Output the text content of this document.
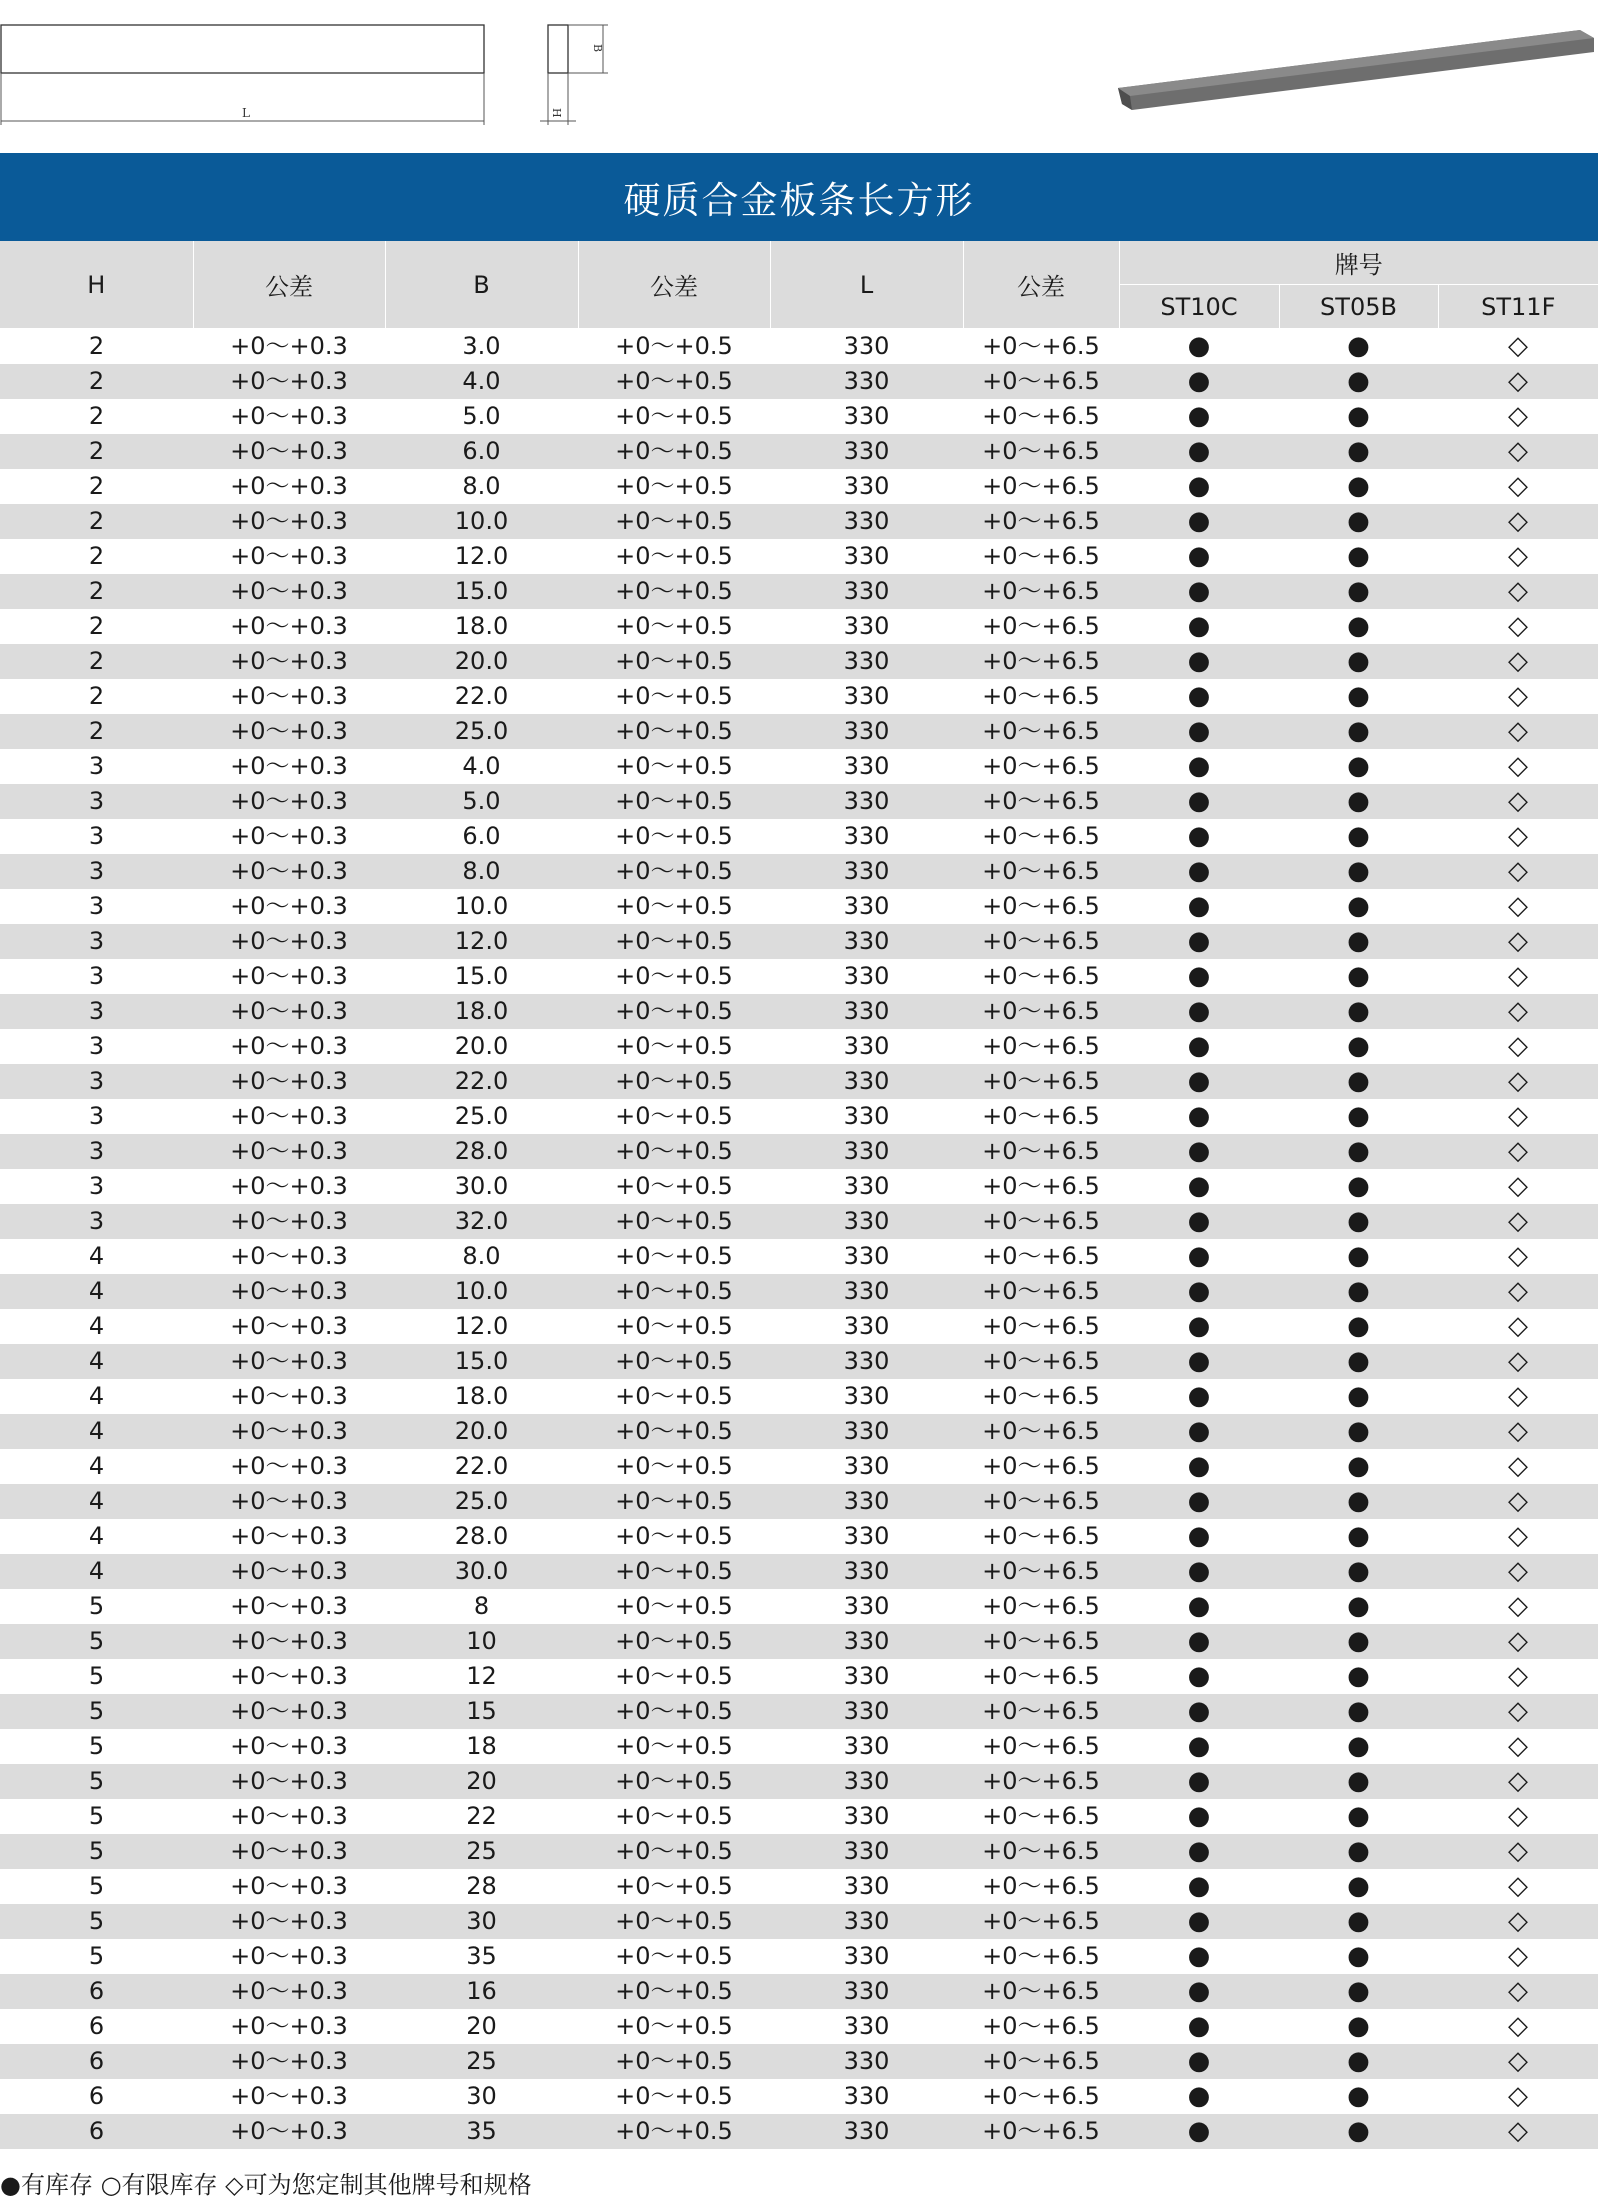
L
B
H
硬质合金板条长方形
H	公差	B	公差	L	公差	牌号		
						ST10C	ST05B	ST11F
2	+0～+0.3	3.0	+0～+0.5	330	+0～+6.5	●	●	◇
2	+0～+0.3	4.0	+0～+0.5	330	+0～+6.5	●	●	◇
2	+0～+0.3	5.0	+0～+0.5	330	+0～+6.5	●	●	◇
2	+0～+0.3	6.0	+0～+0.5	330	+0～+6.5	●	●	◇
2	+0～+0.3	8.0	+0～+0.5	330	+0～+6.5	●	●	◇
2	+0～+0.3	10.0	+0～+0.5	330	+0～+6.5	●	●	◇
2	+0～+0.3	12.0	+0～+0.5	330	+0～+6.5	●	●	◇
2	+0～+0.3	15.0	+0～+0.5	330	+0～+6.5	●	●	◇
2	+0～+0.3	18.0	+0～+0.5	330	+0～+6.5	●	●	◇
2	+0～+0.3	20.0	+0～+0.5	330	+0～+6.5	●	●	◇
2	+0～+0.3	22.0	+0～+0.5	330	+0～+6.5	●	●	◇
2	+0～+0.3	25.0	+0～+0.5	330	+0～+6.5	●	●	◇
3	+0～+0.3	4.0	+0～+0.5	330	+0～+6.5	●	●	◇
3	+0～+0.3	5.0	+0～+0.5	330	+0～+6.5	●	●	◇
3	+0～+0.3	6.0	+0～+0.5	330	+0～+6.5	●	●	◇
3	+0～+0.3	8.0	+0～+0.5	330	+0～+6.5	●	●	◇
3	+0～+0.3	10.0	+0～+0.5	330	+0～+6.5	●	●	◇
3	+0～+0.3	12.0	+0～+0.5	330	+0～+6.5	●	●	◇
3	+0～+0.3	15.0	+0～+0.5	330	+0～+6.5	●	●	◇
3	+0～+0.3	18.0	+0～+0.5	330	+0～+6.5	●	●	◇
3	+0～+0.3	20.0	+0～+0.5	330	+0～+6.5	●	●	◇
3	+0～+0.3	22.0	+0～+0.5	330	+0～+6.5	●	●	◇
3	+0～+0.3	25.0	+0～+0.5	330	+0～+6.5	●	●	◇
3	+0～+0.3	28.0	+0～+0.5	330	+0～+6.5	●	●	◇
3	+0～+0.3	30.0	+0～+0.5	330	+0～+6.5	●	●	◇
3	+0～+0.3	32.0	+0～+0.5	330	+0～+6.5	●	●	◇
4	+0～+0.3	8.0	+0～+0.5	330	+0～+6.5	●	●	◇
4	+0～+0.3	10.0	+0～+0.5	330	+0～+6.5	●	●	◇
4	+0～+0.3	12.0	+0～+0.5	330	+0～+6.5	●	●	◇
4	+0～+0.3	15.0	+0～+0.5	330	+0～+6.5	●	●	◇
4	+0～+0.3	18.0	+0～+0.5	330	+0～+6.5	●	●	◇
4	+0～+0.3	20.0	+0～+0.5	330	+0～+6.5	●	●	◇
4	+0～+0.3	22.0	+0～+0.5	330	+0～+6.5	●	●	◇
4	+0～+0.3	25.0	+0～+0.5	330	+0～+6.5	●	●	◇
4	+0～+0.3	28.0	+0～+0.5	330	+0～+6.5	●	●	◇
4	+0～+0.3	30.0	+0～+0.5	330	+0～+6.5	●	●	◇
5	+0～+0.3	8	+0～+0.5	330	+0～+6.5	●	●	◇
5	+0～+0.3	10	+0～+0.5	330	+0～+6.5	●	●	◇
5	+0～+0.3	12	+0～+0.5	330	+0～+6.5	●	●	◇
5	+0～+0.3	15	+0～+0.5	330	+0～+6.5	●	●	◇
5	+0～+0.3	18	+0～+0.5	330	+0～+6.5	●	●	◇
5	+0～+0.3	20	+0～+0.5	330	+0～+6.5	●	●	◇
5	+0～+0.3	22	+0～+0.5	330	+0～+6.5	●	●	◇
5	+0～+0.3	25	+0～+0.5	330	+0～+6.5	●	●	◇
5	+0～+0.3	28	+0～+0.5	330	+0～+6.5	●	●	◇
5	+0～+0.3	30	+0～+0.5	330	+0～+6.5	●	●	◇
5	+0～+0.3	35	+0～+0.5	330	+0～+6.5	●	●	◇
6	+0～+0.3	16	+0～+0.5	330	+0～+6.5	●	●	◇
6	+0～+0.3	20	+0～+0.5	330	+0～+6.5	●	●	◇
6	+0～+0.3	25	+0～+0.5	330	+0～+6.5	●	●	◇
6	+0～+0.3	30	+0～+0.5	330	+0～+6.5	●	●	◇
6	+0～+0.3	35	+0～+0.5	330	+0～+6.5	●	●	◇
●有库存 ○有限库存 ◇可为您定制其他牌号和规格
